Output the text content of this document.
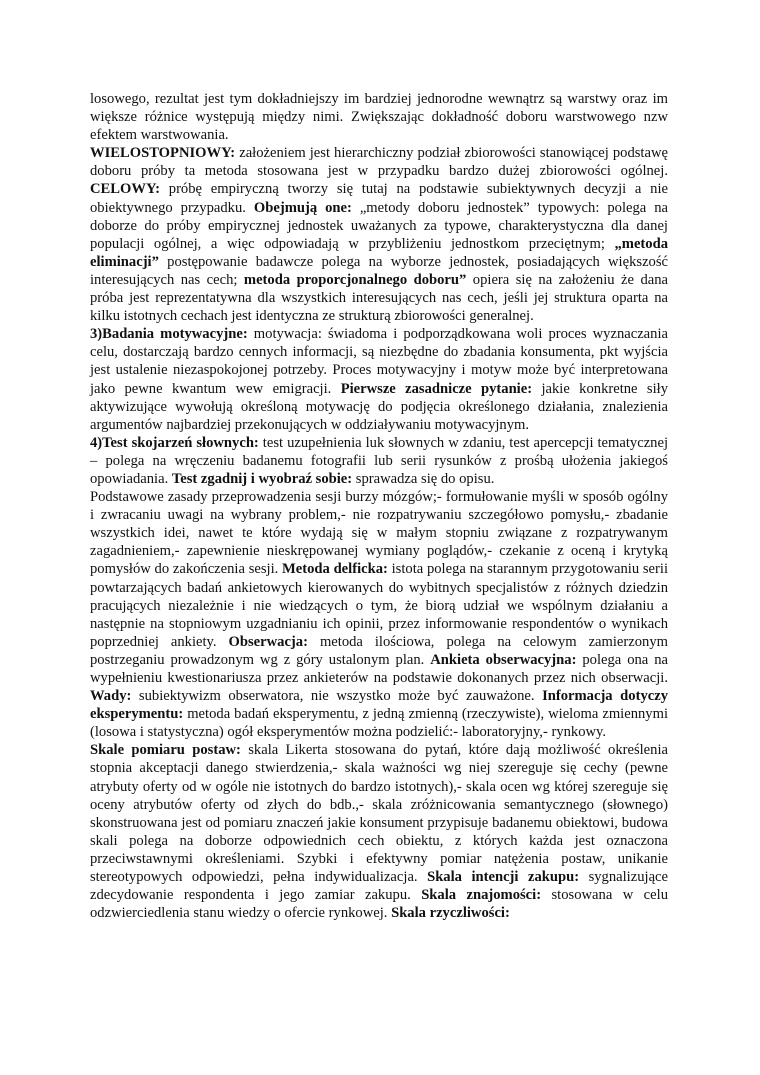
losowego, rezultat jest tym dokładniejszy im bardziej jednorodne wewnątrz są warstwy oraz im większe różnice występują między nimi. Zwiększając dokładność doboru warstwowego nzw efektem warstwowania.

WIELOSTOPNIOWY: założeniem jest hierarchiczny podział zbiorowości stanowiącej podstawę doboru próby ta metoda stosowana jest w przypadku bardzo dużej zbiorowości ogólnej. CELOWY: próbę empiryczną tworzy się tutaj na podstawie subiektywnych decyzji a nie obiektywnego przypadku. Obejmują one: „metody doboru jednostek” typowych: polega na doborze do próby empirycznej jednostek uważanych za typowe, charakterystyczna dla danej populacji ogólnej, a więc odpowiadają w przybliżeniu jednostkom przeciętnym; „metoda eliminacji” postępowanie badawcze polega na wyborze jednostek, posiadających większość interesujących nas cech; metoda proporcjonalnego doboru” opiera się na założeniu że dana próba jest reprezentatywna dla wszystkich interesujących nas cech, jeśli jej struktura oparta na kilku istotnych cechach jest identyczna ze strukturą zbiorowości generalnej.

3)Badania motywacyjne: motywacja: świadoma i podporządkowana woli proces wyznaczania celu, dostarczają bardzo cennych informacji, są niezbędne do zbadania konsumenta, pkt wyjścia jest ustalenie niezaspokojonej potrzeby. Proces motywacyjny i motyw może być interpretowana jako pewne kwantum wew emigracji. Pierwsze zasadnicze pytanie: jakie konkretne siły aktywizujące wywołują określoną motywację do podjęcia określonego działania, znalezienia argumentów najbardziej przekonujących w oddziaływaniu motywacyjnym.

4)Test skojarzeń słownych: test uzupełnienia luk słownych w zdaniu, test apercepcji tematycznej – polega na wręczeniu badanemu fotografii lub serii rysunków z prośbą ułożenia jakiegoś opowiadania. Test zgadnij i wyobraź sobie: sprawadza się do opisu.

Podstawowe zasady przeprowadzenia sesji burzy mózgów;- formułowanie myśli w sposób ogólny i zwracaniu uwagi na wybrany problem,- nie rozpatrywaniu szczegółowo pomysłu,- zbadanie wszystkich idei, nawet te które wydają się w małym stopniu związane z rozpatrywanym zagadnieniem,- zapewnienie nieskrępowanej wymiany poglądów,- czekanie z oceną i krytyką pomysłów do zakończenia sesji. Metoda delficka: istota polega na starannym przygotowaniu serii powtarzających badań ankietowych kierowanych do wybitnych specjalistów z różnych dziedzin pracujących niezależnie i nie wiedzących o tym, że biorą udział we wspólnym działaniu a następnie na stopniowym uzgadnianiu ich opinii, przez informowanie respondentów o wynikach poprzedniej ankiety. Obserwacja: metoda ilościowa, polega na celowym zamierzonym postrzeganiu prowadzonym wg z góry ustalonym plan. Ankieta obserwacyjna: polega ona na wypełnieniu kwestionariusza przez ankieterów na podstawie dokonanych przez nich obserwacji. Wady: subiektywizm obserwatora, nie wszystko może być zauważone. Informacja dotyczy eksperymentu: metoda badań eksperymentu, z jedną zmienną (rzeczywiste), wieloma zmiennymi (losowa i statystyczna) ogół eksperymentów można podzielić:- laboratoryjny,- rynkowy.

Skale pomiaru postaw: skala Likerta stosowana do pytań, które dają możliwość określenia stopnia akceptacji danego stwierdzenia,- skala ważności wg niej szereguje się cechy (pewne atrybuty oferty od w ogóle nie istotnych do bardzo istotnych),- skala ocen wg której szereguje się oceny atrybutów oferty od złych do bdb.,- skala zróżnicowania semantycznego (słownego) skonstruowana jest od pomiaru znaczeń jakie konsument przypisuje badanemu obiektowi, budowa skali polega na doborze odpowiednich cech obiektu, z których każda jest oznaczona przeciwstawnymi określeniami. Szybki i efektywny pomiar natężenia postaw, unikanie stereotypowych odpowiedzi, pełna indywidualizacja. Skala intencji zakupu: sygnalizujące zdecydowanie respondenta i jego zamiar zakupu. Skala znajomości: stosowana w celu odzwierciedlenia stanu wiedzy o ofercie rynkowej. Skala rzyczliwości:
